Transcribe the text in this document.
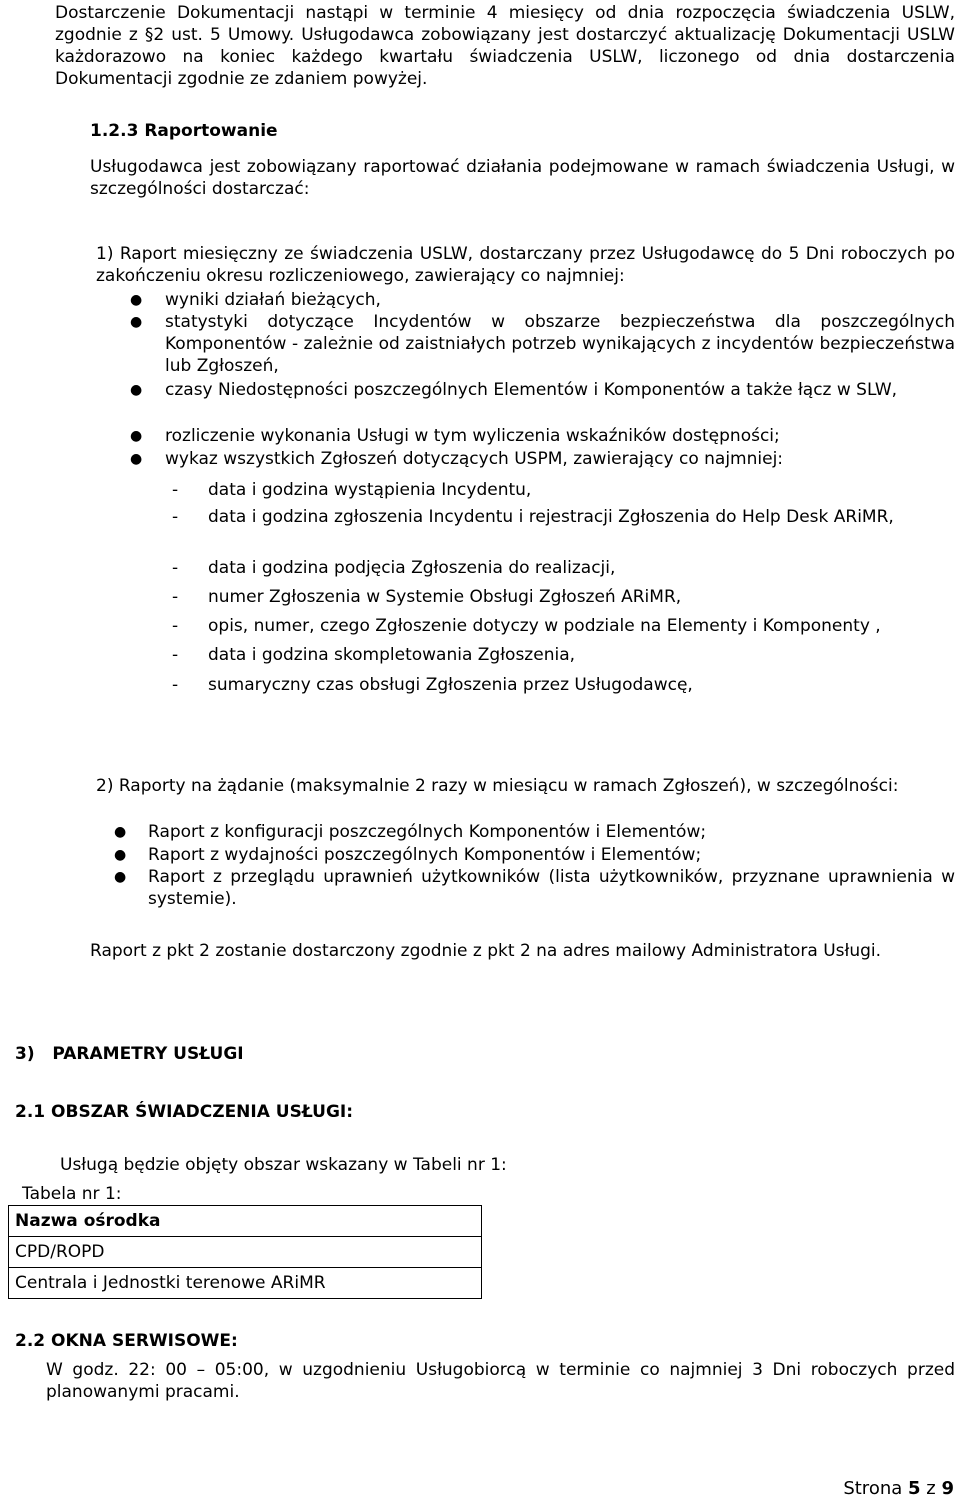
Dostarczenie Dokumentacji nastąpi w terminie 4 miesięcy od dnia rozpoczęcia świadczenia USLW, zgodnie z §2 ust. 5 Umowy. Usługodawca zobowiązany jest dostarczyć aktualizację Dokumentacji USLW każdorazowo na koniec każdego kwartału świadczenia USLW, liczonego od dnia dostarczenia Dokumentacji zgodnie ze zdaniem powyżej.

1.2.3 Raportowanie

Usługodawca jest zobowiązany raportować działania podejmowane w ramach świadczenia Usługi, w szczególności dostarczać:

1) Raport miesięczny ze świadczenia USLW, dostarczany przez Usługodawcę do 5 Dni roboczych po zakończeniu okresu rozliczeniowego, zawierający co najmniej:

● wyniki działań bieżących,

● statystyki dotyczące Incydentów w obszarze bezpieczeństwa dla poszczególnych Komponentów - zależnie od zaistniałych potrzeb wynikających z incydentów bezpieczeństwa lub Zgłoszeń,

● czasy Niedostępności poszczególnych Elementów i Komponentów a także łącz w SLW,

● rozliczenie wykonania Usługi w tym wyliczenia wskaźników dostępności;

● wykaz wszystkich Zgłoszeń dotyczących USPM, zawierający co najmniej:

- data i godzina wystąpienia Incydentu,

- data i godzina zgłoszenia Incydentu i rejestracji Zgłoszenia do Help Desk ARiMR,

- data i godzina podjęcia Zgłoszenia do realizacji,

- numer Zgłoszenia w Systemie Obsługi Zgłoszeń ARiMR,

- opis, numer, czego Zgłoszenie dotyczy w podziale na Elementy i Komponenty ,

- data i godzina skompletowania Zgłoszenia,

- sumaryczny czas obsługi Zgłoszenia przez Usługodawcę,

2) Raporty na żądanie (maksymalnie 2 razy w miesiącu w ramach Zgłoszeń), w szczególności:

● Raport z konfiguracji poszczególnych Komponentów i Elementów;

● Raport z wydajności poszczególnych Komponentów i Elementów;

● Raport z przeglądu uprawnień użytkowników (lista użytkowników, przyznane uprawnienia w systemie).

Raport z pkt 2 zostanie dostarczony zgodnie z pkt 2 na adres mailowy Administratora Usługi.

3)   PARAMETRY USŁUGI

2.1 OBSZAR ŚWIADCZENIA USŁUGI:

Usługą będzie objęty obszar wskazany w Tabeli nr 1:

Tabela nr 1:

Nazwa ośrodka
CPD/ROPD
Centrala i Jednostki terenowe ARiMR

2.2 OKNA SERWISOWE:

W godz. 22: 00 – 05:00, w uzgodnieniu Usługobiorcą w terminie co najmniej 3 Dni roboczych przed planowanymi pracami.

Strona 5 z 9
